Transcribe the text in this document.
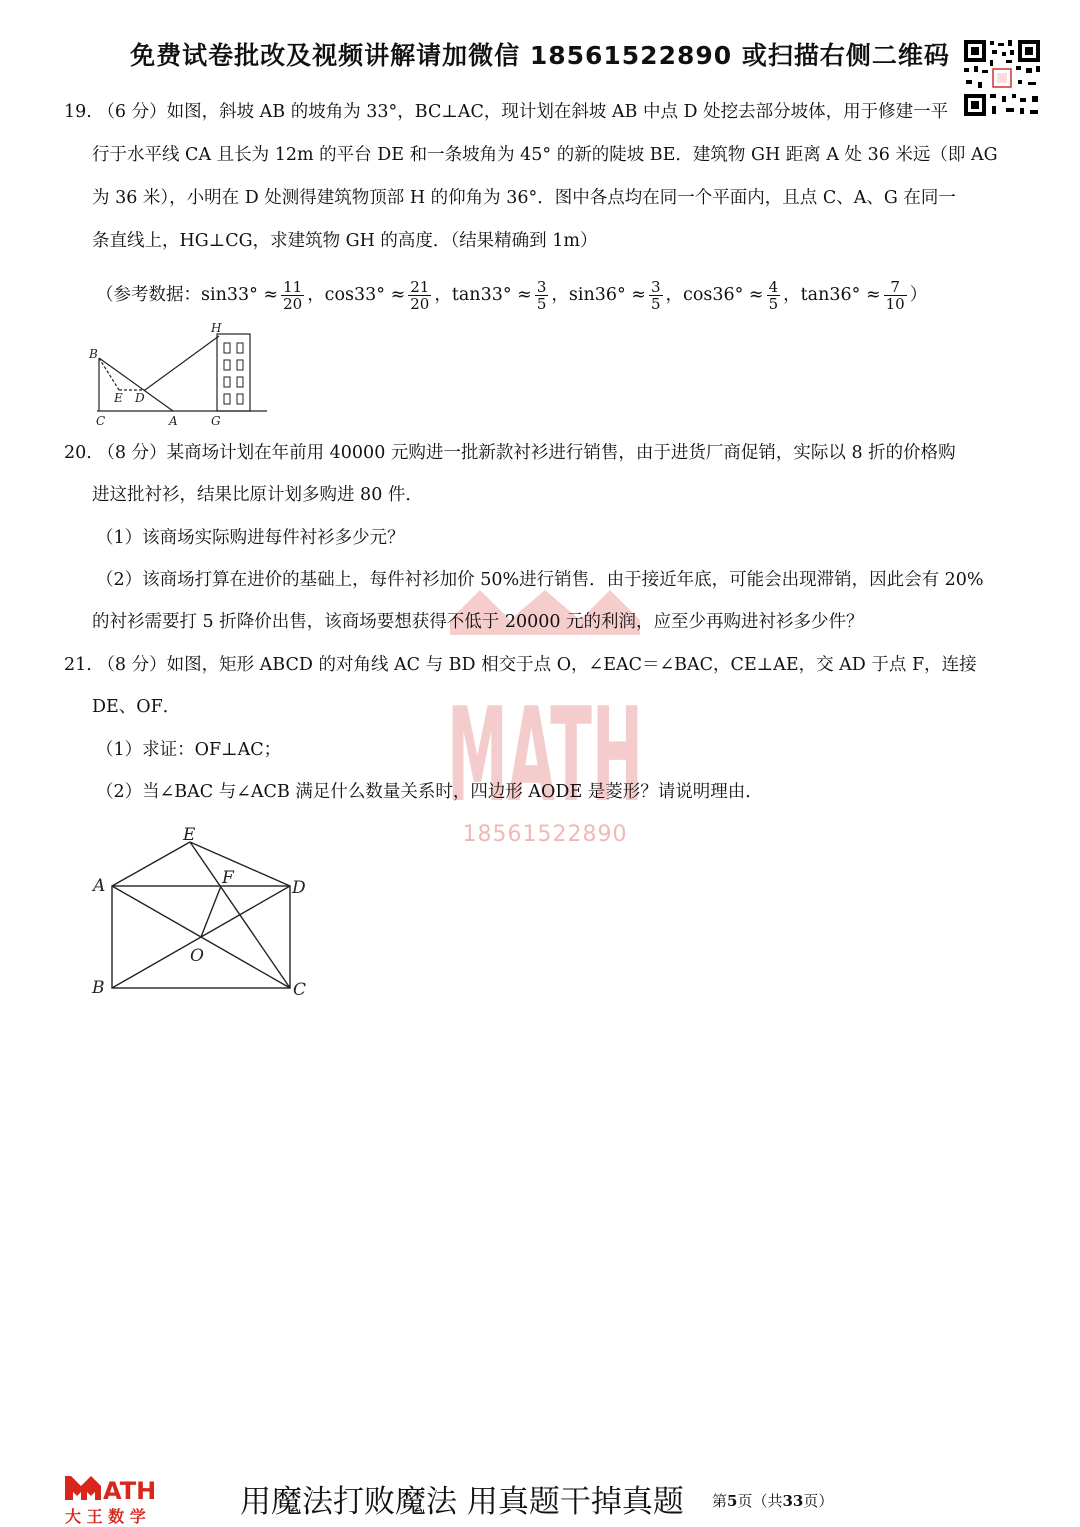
免费试卷批改及视频讲解请加微信 18561522890 或扫描右侧二维码
MATH
18561522890
19. （6 分）如图，斜坡 AB 的坡角为 33°，BC⊥AC，现计划在斜坡 AB 中点 D 处挖去部分坡体，用于修建一平
行于水平线 CA 且长为 12m 的平台 DE 和一条坡角为 45° 的新的陡坡 BE．建筑物 GH 距离 A 处 36 米远（即 AG
为 36 米），小明在 D 处测得建筑物顶部 H 的仰角为 36°．图中各点均在同一个平面内，且点 C、A、G 在同一
条直线上，HG⊥CG，求建筑物 GH 的高度．（结果精确到 1m）
（参考数据：$\sin 33^\circ \approx \frac{11}{20}$ ，$\cos 33^\circ \approx \frac{21}{20}$ ，$\tan 33^\circ \approx \frac{3}{5}$ ，$\sin 36^\circ \approx \frac{3}{5}$ ，$\cos 36^\circ \approx \frac{4}{5}$ ，$\tan 36^\circ \approx \frac{7}{10}$ ）
B
E D
C	A	G
H
20. （8 分）某商场计划在年前用 40000 元购进一批新款衬衫进行销售，由于进货厂商促销，实际以 8 折的价格购
进这批衬衫，结果比原计划多购进 80 件．
（1）该商场实际购进每件衬衫多少元？
（2）该商场打算在进价的基础上，每件衬衫加价 50%进行销售．由于接近年底，可能会出现滞销，因此会有 20%
的衬衫需要打 5 折降价出售，该商场要想获得不低于 20000 元的利润，应至少再购进衬衫多少件？
21. （8 分）如图，矩形 ABCD 的对角线 AC 与 BD 相交于点 O，∠EAC＝∠BAC，CE⊥AE，交 AD 于点 F，连接
DE、OF．
（1）求证：OF⊥AC；
（2）当∠BAC 与∠ACB 满足什么数量关系时，四边形 AODE 是菱形？请说明理由．
E
A	F	D
O
B	C
ATH
大 王 数 学	用魔法打败魔法 用真题干掉真题 第5页（共33页）
